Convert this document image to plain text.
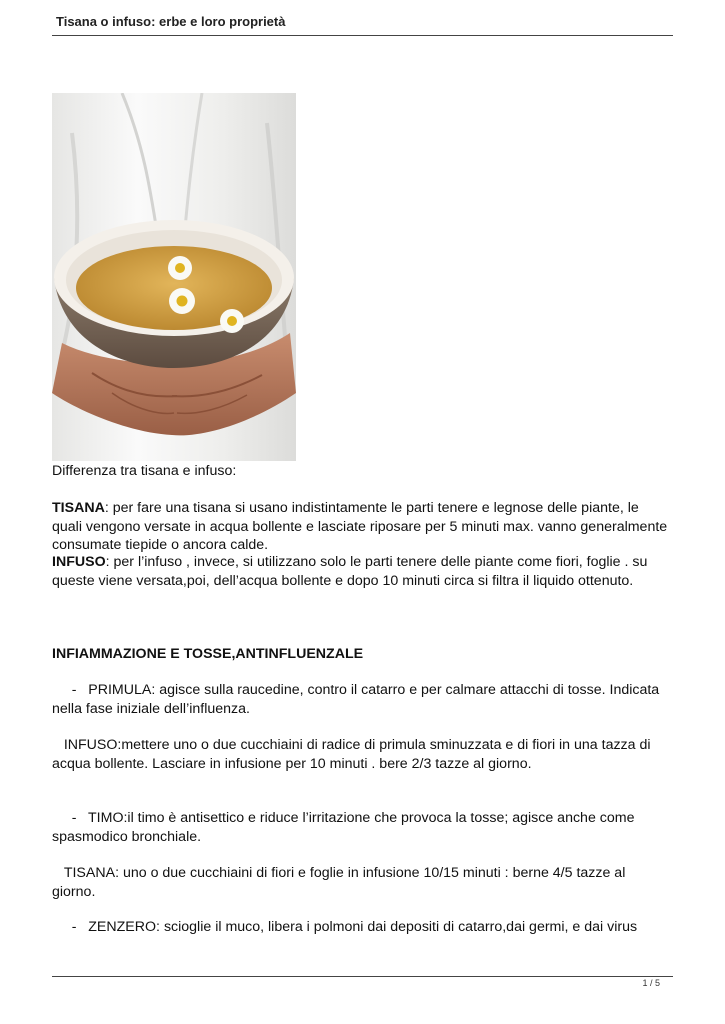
Tisana o infuso: erbe e loro proprietà
Differenza tra tisana e infuso:
TISANA: per fare una tisana si usano indistintamente le parti tenere e legnose delle piante, le quali vengono versate in acqua bollente e lasciate riposare per 5 minuti max. vanno generalmente consumate tiepide o ancora calde.
INFUSO: per l’infuso , invece, si utilizzano solo le parti tenere delle piante come fiori, foglie . su queste viene versata,poi, dell’acqua bollente e dopo 10 minuti circa si filtra il liquido ottenuto.
INFIAMMAZIONE E TOSSE,ANTINFLUENZALE
-   PRIMULA: agisce sulla raucedine, contro il catarro e per calmare attacchi di tosse. Indicata nella fase iniziale dell’influenza.
INFUSO:mettere uno o due cucchiaini di radice di primula sminuzzata e di fiori in una tazza di acqua bollente. Lasciare in infusione per 10 minuti . bere 2/3 tazze al giorno.
-   TIMO:il timo è antisettico e riduce l’irritazione che provoca la tosse; agisce anche come spasmodico bronchiale.
TISANA: uno o due cucchiaini di fiori e foglie in infusione 10/15 minuti : berne 4/5 tazze al giorno.
-   ZENZERO: scioglie il muco, libera i polmoni dai depositi di catarro,dai germi, e dai virus
1 / 5
